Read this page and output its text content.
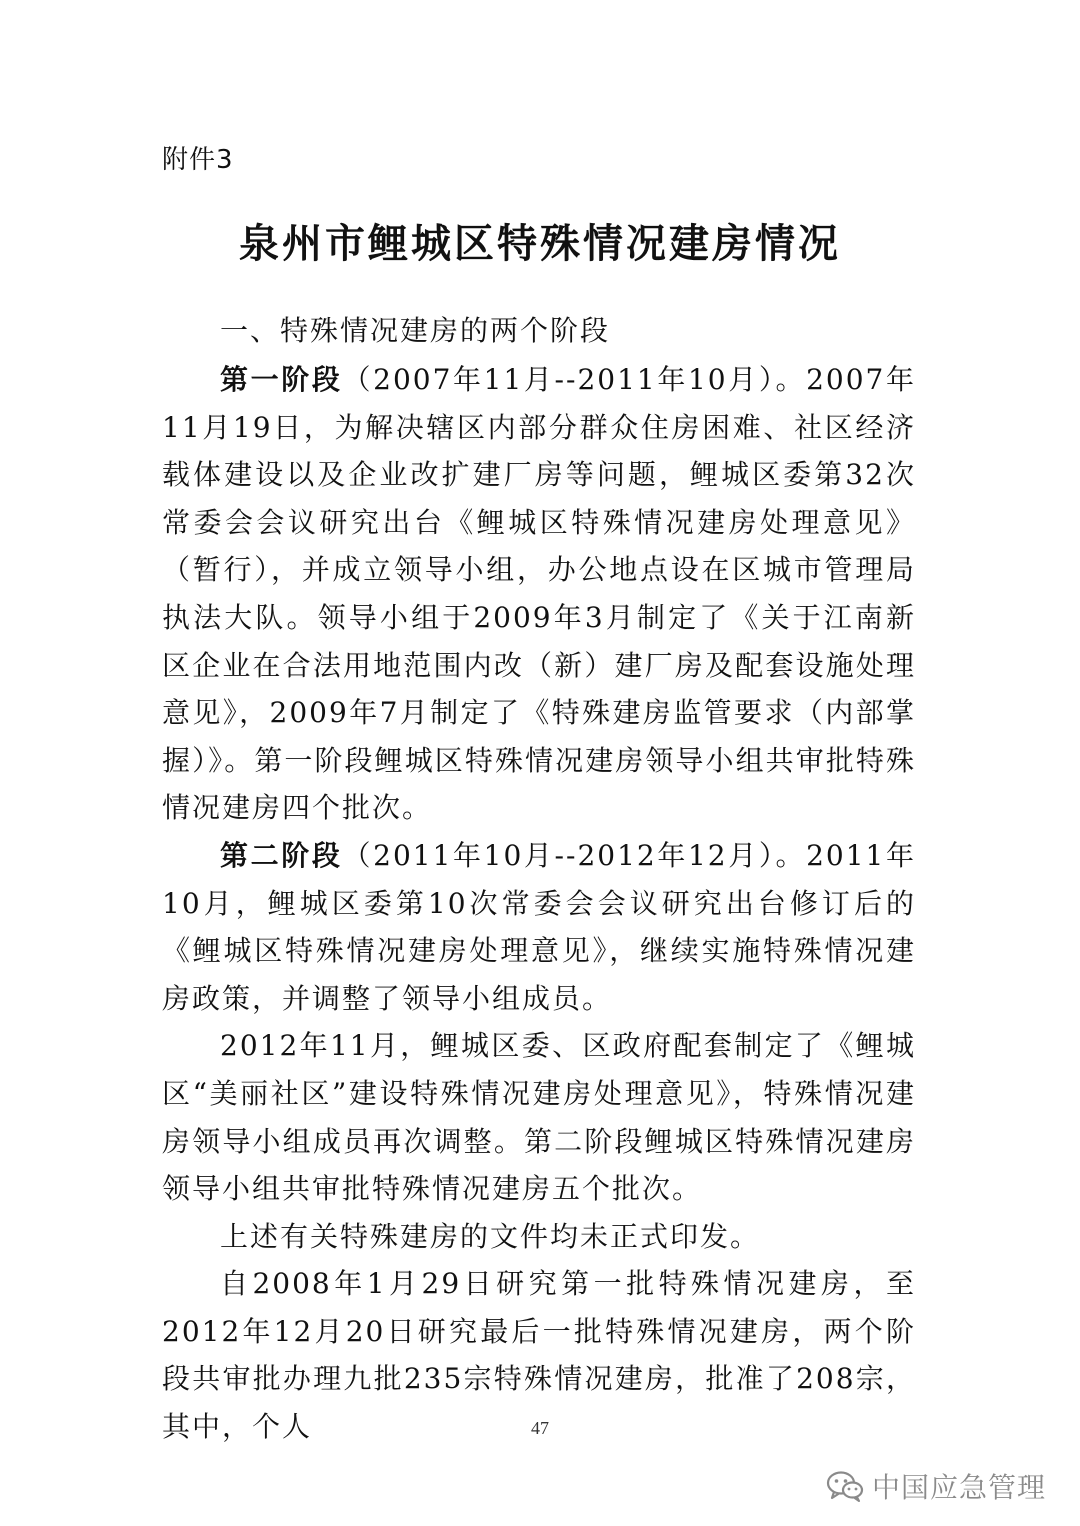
附件3
泉州市鲤城区特殊情况建房情况
一、特殊情况建房的两个阶段

第一阶段（2007年11月--2011年10月）。2007年11月19日，为解决辖区内部分群众住房困难、社区经济载体建设以及企业改扩建厂房等问题，鲤城区委第32次常委会会议研究出台《鲤城区特殊情况建房处理意见》（暂行），并成立领导小组，办公地点设在区城市管理局执法大队。领导小组于2009年3月制定了《关于江南新区企业在合法用地范围内改（新）建厂房及配套设施处理意见》，2009年7月制定了《特殊建房监管要求（内部掌握）》。第一阶段鲤城区特殊情况建房领导小组共审批特殊情况建房四个批次。

第二阶段（2011年10月--2012年12月）。2011年10月，鲤城区委第10次常委会会议研究出台修订后的《鲤城区特殊情况建房处理意见》，继续实施特殊情况建房政策，并调整了领导小组成员。

2012年11月，鲤城区委、区政府配套制定了《鲤城区“美丽社区”建设特殊情况建房处理意见》，特殊情况建房领导小组成员再次调整。第二阶段鲤城区特殊情况建房领导小组共审批特殊情况建房五个批次。

上述有关特殊建房的文件均未正式印发。

自2008年1月29日研究第一批特殊情况建房，至2012年12月20日研究最后一批特殊情况建房，两个阶段共审批办理九批235宗特殊情况建房，批准了208宗，其中，个人	47
中国应急管理
